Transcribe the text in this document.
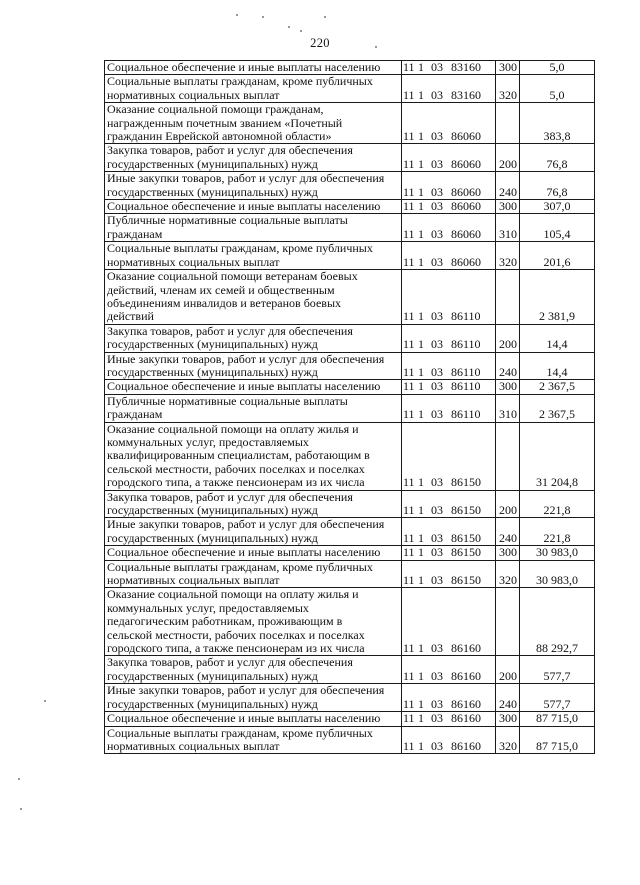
220
Социальное обеспечение и иные выплаты населению	11 1 03 83160	300	5,0

Социальные выплаты гражданам, кроме публичных
нормативных социальных выплат	11 1 03 83160	320	5,0

Оказание социальной помощи гражданам,
награжденным почетным званием «Почетный
гражданин Еврейской автономной области»	11 1 03 86060		383,8

Закупка товаров, работ и услуг для обеспечения
государственных (муниципальных) нужд	11 1 03 86060	200	76,8

Иные закупки товаров, работ и услуг для обеспечения
государственных (муниципальных) нужд	11 1 03 86060	240	76,8

Социальное обеспечение и иные выплаты населению	11 1 03 86060	300	307,0

Публичные нормативные социальные выплаты
гражданам	11 1 03 86060	310	105,4

Социальные выплаты гражданам, кроме публичных
нормативных социальных выплат	11 1 03 86060	320	201,6

Оказание социальной помощи ветеранам боевых
действий, членам их семей и общественным
объединениям инвалидов и ветеранов боевых
действий	11 1 03 86110		2 381,9

Закупка товаров, работ и услуг для обеспечения
государственных (муниципальных) нужд	11 1 03 86110	200	14,4

Иные закупки товаров, работ и услуг для обеспечения
государственных (муниципальных) нужд	11 1 03 86110	240	14,4

Социальное обеспечение и иные выплаты населению	11 1 03 86110	300	2 367,5

Публичные нормативные социальные выплаты
гражданам	11 1 03 86110	310	2 367,5

Оказание социальной помощи на оплату жилья и
коммунальных услуг, предоставляемых
квалифицированным специалистам, работающим в
сельской местности, рабочих поселках и поселках
городского типа, а также пенсионерам из их числа	11 1 03 86150		31 204,8

Закупка товаров, работ и услуг для обеспечения
государственных (муниципальных) нужд	11 1 03 86150	200	221,8

Иные закупки товаров, работ и услуг для обеспечения
государственных (муниципальных) нужд	11 1 03 86150	240	221,8

Социальное обеспечение и иные выплаты населению	11 1 03 86150	300	30 983,0

Социальные выплаты гражданам, кроме публичных
нормативных социальных выплат	11 1 03 86150	320	30 983,0

Оказание социальной помощи на оплату жилья и
коммунальных услуг, предоставляемых
педагогическим работникам, проживающим в
сельской местности, рабочих поселках и поселках
городского типа, а также пенсионерам из их числа	11 1 03 86160		88 292,7

Закупка товаров, работ и услуг для обеспечения
государственных (муниципальных) нужд	11 1 03 86160	200	577,7

Иные закупки товаров, работ и услуг для обеспечения
государственных (муниципальных) нужд	11 1 03 86160	240	577,7

Социальное обеспечение и иные выплаты населению	11 1 03 86160	300	87 715,0

Социальные выплаты гражданам, кроме публичных
нормативных социальных выплат	11 1 03 86160	320	87 715,0
